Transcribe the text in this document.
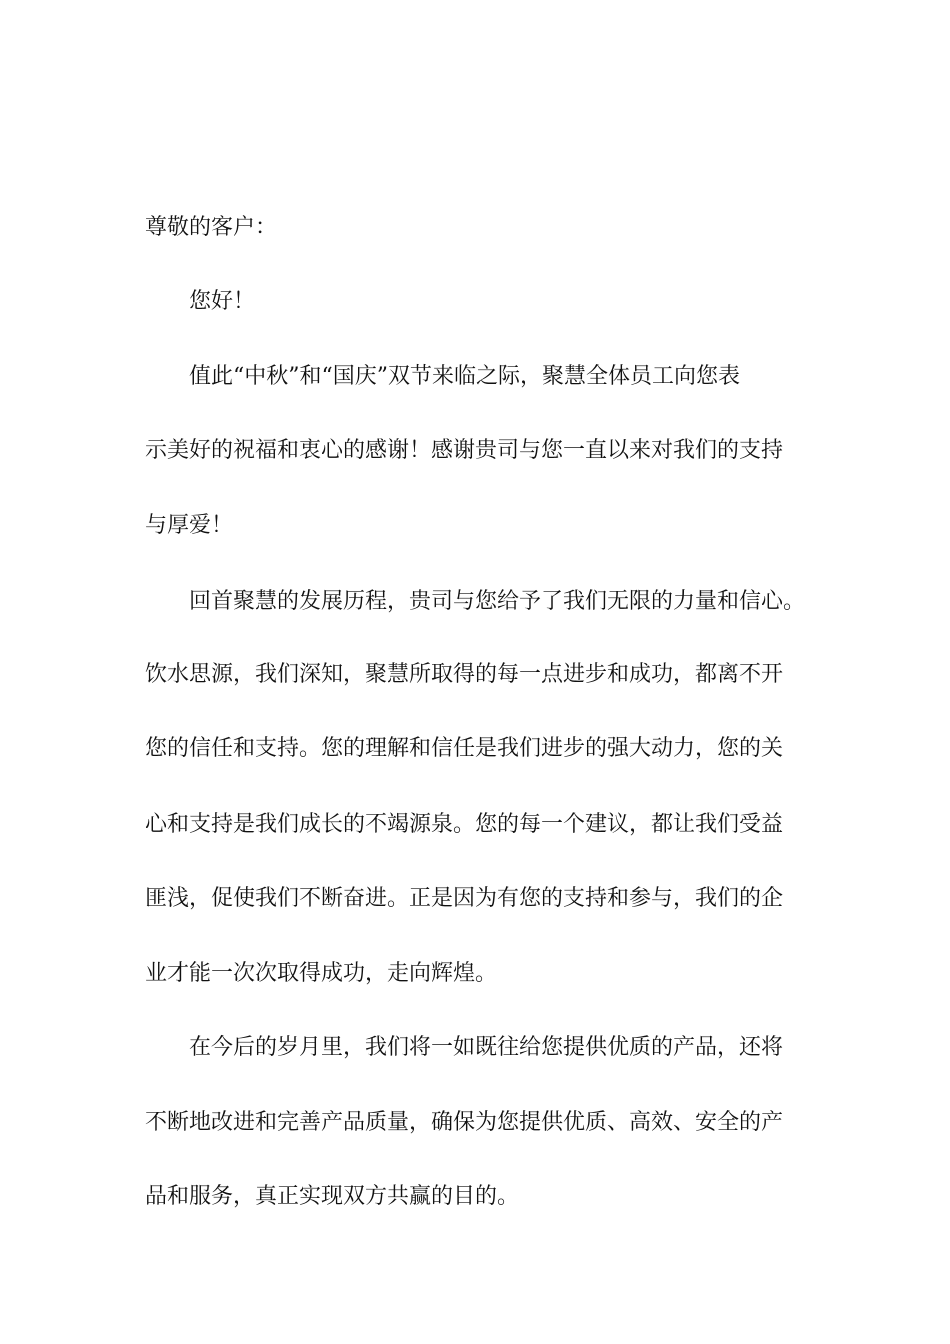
尊敬的客户：
您好！
值此“中秋”和“国庆”双节来临之际，聚慧全体员工向您表
示美好的祝福和衷心的感谢！感谢贵司与您一直以来对我们的支持
与厚爱！
回首聚慧的发展历程，贵司与您给予了我们无限的力量和信心。
饮水思源，我们深知，聚慧所取得的每一点进步和成功，都离不开
您的信任和支持。您的理解和信任是我们进步的强大动力，您的关
心和支持是我们成长的不竭源泉。您的每一个建议，都让我们受益
匪浅，促使我们不断奋进。正是因为有您的支持和参与，我们的企
业才能一次次取得成功，走向辉煌。
在今后的岁月里，我们将一如既往给您提供优质的产品，还将
不断地改进和完善产品质量，确保为您提供优质、高效、安全的产
品和服务，真正实现双方共赢的目的。
